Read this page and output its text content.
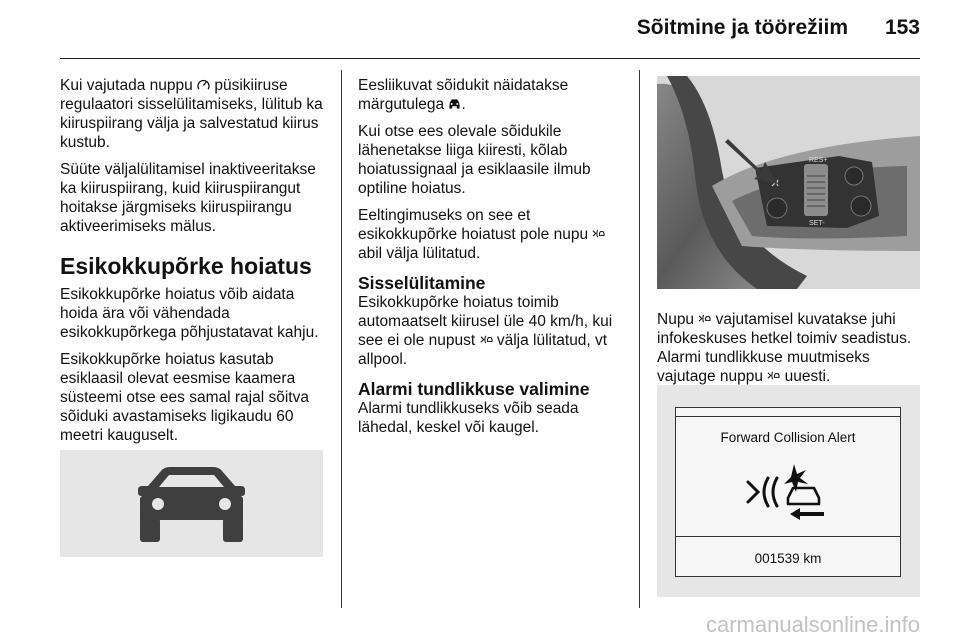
Sõitmine ja töörežiim 153

Kui vajutada nuppu  püsikiiruse regulaatori sisselülitamiseks, lülitub ka kiiruspiirang välja ja salvestatud kiirus kustub.

Süüte väljalülitamisel inaktiveeritakse ka kiiruspiirang, kuid kiiruspiirangut hoitakse järgmiseks kiiruspiirangu aktiveerimiseks mälus.

Esikokkupõrke hoiatus

Esikokkupõrke hoiatus võib aidata hoida ära või vähendada esikokkupõrkega põhjustatavat kahju.

Esikokkupõrke hoiatus kasutab esiklaasil olevat eesmise kaamera süsteemi otse ees samal rajal sõitva sõiduki avastamiseks ligikaudu 60 meetri kauguselt.

Eesliikuvat sõidukit näidatakse märgutulega .

Kui otse ees olevale sõidukile lähenetakse liiga kiiresti, kõlab hoiatussignaal ja esiklaasile ilmub optiline hoiatus.

Eeltingimuseks on see et esikokkupõrke hoiatust pole nupu  abil välja lülitatud.

Sisselülitamine

Esikokkupõrke hoiatus toimib automaatselt kiirusel üle 40 km/h, kui see ei ole nupust  välja lülitatud, vt allpool.

Alarmi tundlikkuse valimine

Alarmi tundlikkuseks võib seada lähedal, keskel või kaugel.

RES+
SET-

Nupu  vajutamisel kuvatakse juhi infokeskuses hetkel toimiv seadistus. Alarmi tundlikkuse muutmiseks vajutage nuppu  uuesti.

Forward Collision Alert
001539 km
carmanualsonline.info
